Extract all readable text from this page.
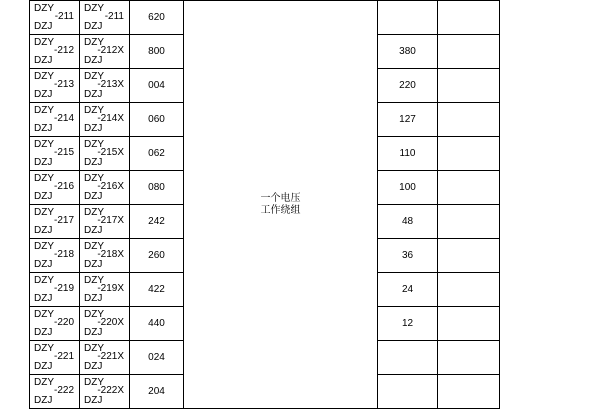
DZY
DZJ
-211	DZY
DZJ
-211	620	一个电压
工作绕组		

DZY
DZJ
-212	DZY
DZJ
-212X	800		380	

DZY
DZJ
-213	DZY
DZJ
-213X	004		220	

DZY
DZJ
-214	DZY
DZJ
-214X	060		127	

DZY
DZJ
-215	DZY
DZJ
-215X	062		110	

DZY
DZJ
-216	DZY
DZJ
-216X	080		100	

DZY
DZJ
-217	DZY
DZJ
-217X	242		48	

DZY
DZJ
-218	DZY
DZJ
-218X	260		36	

DZY
DZJ
-219	DZY
DZJ
-219X	422		24	

DZY
DZJ
-220	DZY
DZJ
-220X	440		12	

DZY
DZJ
-221	DZY
DZJ
-221X	024			

DZY
DZJ
-222	DZY
DZJ
-222X	204			
